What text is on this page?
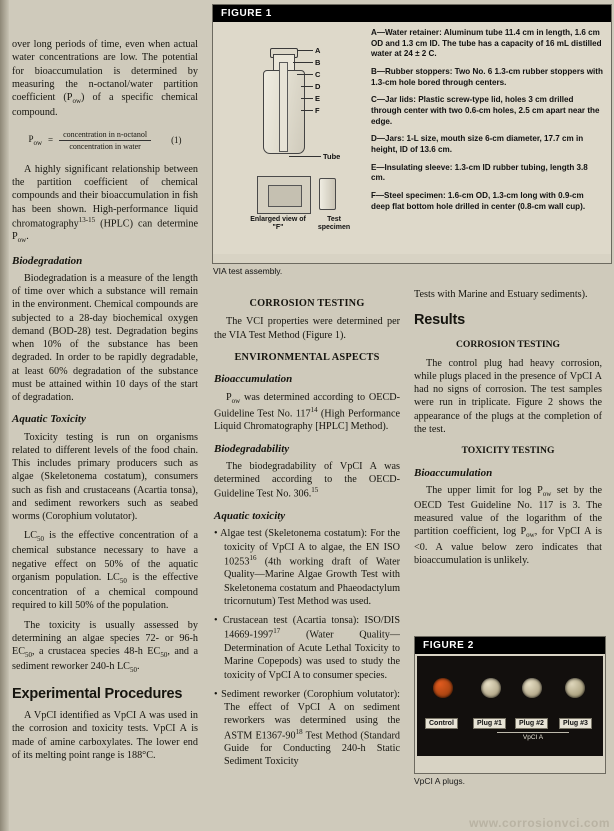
FIGURE 1
A
B
C
D
E
F
Tube
Enlarged view of "F"
Test specimen

A—Water retainer: Aluminum tube 11.4 cm in length, 1.6 cm OD and 1.3 cm ID. The tube has a capacity of 16 mL distilled water at 24 ± 2 C.

B—Rubber stoppers: Two No. 6 1.3-cm rubber stoppers with 1.3-cm hole bored through centers.

C—Jar lids: Plastic screw-type lid, holes 3 cm drilled through center with two 0.6-cm holes, 2.5 cm apart near the edge.

D—Jars: 1-L size, mouth size 6-cm diameter, 17.7 cm in height, ID of 13.6 cm.

E—Insulating sleeve: 1.3-cm ID rubber tubing, length 3.8 cm.

F—Steel specimen: 1.6-cm OD, 1.3-cm long with 0.9-cm deep flat bottom hole drilled in center (0.8-cm wall cup).

VIA test assembly.

over long periods of time, even when actual water concentrations are low. The potential for bioaccumulation is determined by measuring the n-octanol/water partition coefficient $(P_{ow})$ of a specific chemical compound.

$P_{ow} = \frac{\text{concentration in n-octanol}}{\text{concentration in water}} (1)$

A highly significant relationship between the partition coefficient of chemical compounds and their bioaccumulation in fish has been shown. High-performance liquid chromatography$^{13-15}$ (HPLC) can determine $P_{ow}$.

Biodegradation

Biodegradation is a measure of the length of time over which a substance will remain in the environment. Chemical compounds are subjected to a 28-day biochemical oxygen demand (BOD-28) test. Degradation begins when 10% of the substance has been degraded. In order to be rapidly degradable, at least 60% degradation of the substance must be attained within 10 days of the start of degradation.

Aquatic Toxicity

Toxicity testing is run on organisms related to different levels of the food chain. This includes primary producers such as algae (Skeletonema costatum), consumers such as fish and crustaceans (Acartia tonsa), and sediment reworkers such as seabed worms (Corophium volutator).

$LC_{50}$ is the effective concentration of a chemical substance necessary to have a negative effect on 50% of the aquatic organism population. $LC_{50}$ is the effective concentration of a chemical compound required to kill 50% of the population.

The toxicity is usually assessed by determining an algae species 72- or 96-h $EC_{50}$, a crustacea species 48-h $EC_{50}$, and a sediment reworker 240-h $LC_{50}$.

Experimental Procedures

A VpCI identified as VpCI A was used in the corrosion and toxicity tests. VpCI A is made of amine carboxylates. The lower end of its melting point range is 188°C.

CORROSION TESTING

The VCI properties were determined per the VIA Test Method (Figure 1).

ENVIRONMENTAL ASPECTS
Bioaccumulation

$P_{ow}$ was determined according to OECD-Guideline Test No. $117^{14}$ (High Performance Liquid Chromatography [HPLC] Method).

Biodegradability

The biodegradability of VpCI A was determined according to the OECD-Guideline Test No. 306.15

Aquatic toxicity
• Algae test (Skeletonema costatum): For the toxicity of VpCI A to algae, the EN ISO 10253$^{16}$ (4th working draft of Water Quality—Marine Algae Growth Test with Skeletonema costatum and Phaeodactylum tricornutum) Test Method was used.
• Crustacean test (Acartia tonsa): ISO/DIS 14669-1997$^{17}$ (Water Quality—Determination of Acute Lethal Toxicity to Marine Copepods) was used to study the toxicity of VpCI A to consumer species.
• Sediment reworker (Corophium volutator): The effect of VpCI A on sediment reworkers was determined using the ASTM $E1367-90^{18}$ Test Method (Standard Guide for Conducting 240-h Static Sediment Toxicity

Tests with Marine and Estuary sediments).

Results
CORROSION TESTING

The control plug had heavy corrosion, while plugs placed in the presence of VpCI A had no signs of corrosion. The test samples were run in triplicate. Figure 2 shows the appearance of the plugs at the completion of the test.

TOXICITY TESTING
Bioaccumulation

The upper limit for $\log P_{ow}$ set by the OECD Test Guideline No. 117 is 3. The measured value of the logarithm of the partition coefficient, $\log P_{ow}$, for VpCI A is <0. A value below zero indicates that bioaccumulation is unlikely.

FIGURE 2
Control	Plug #1	Plug #2	Plug #3
VpCI A
VpCI A plugs.
www.corrosionvci.com
